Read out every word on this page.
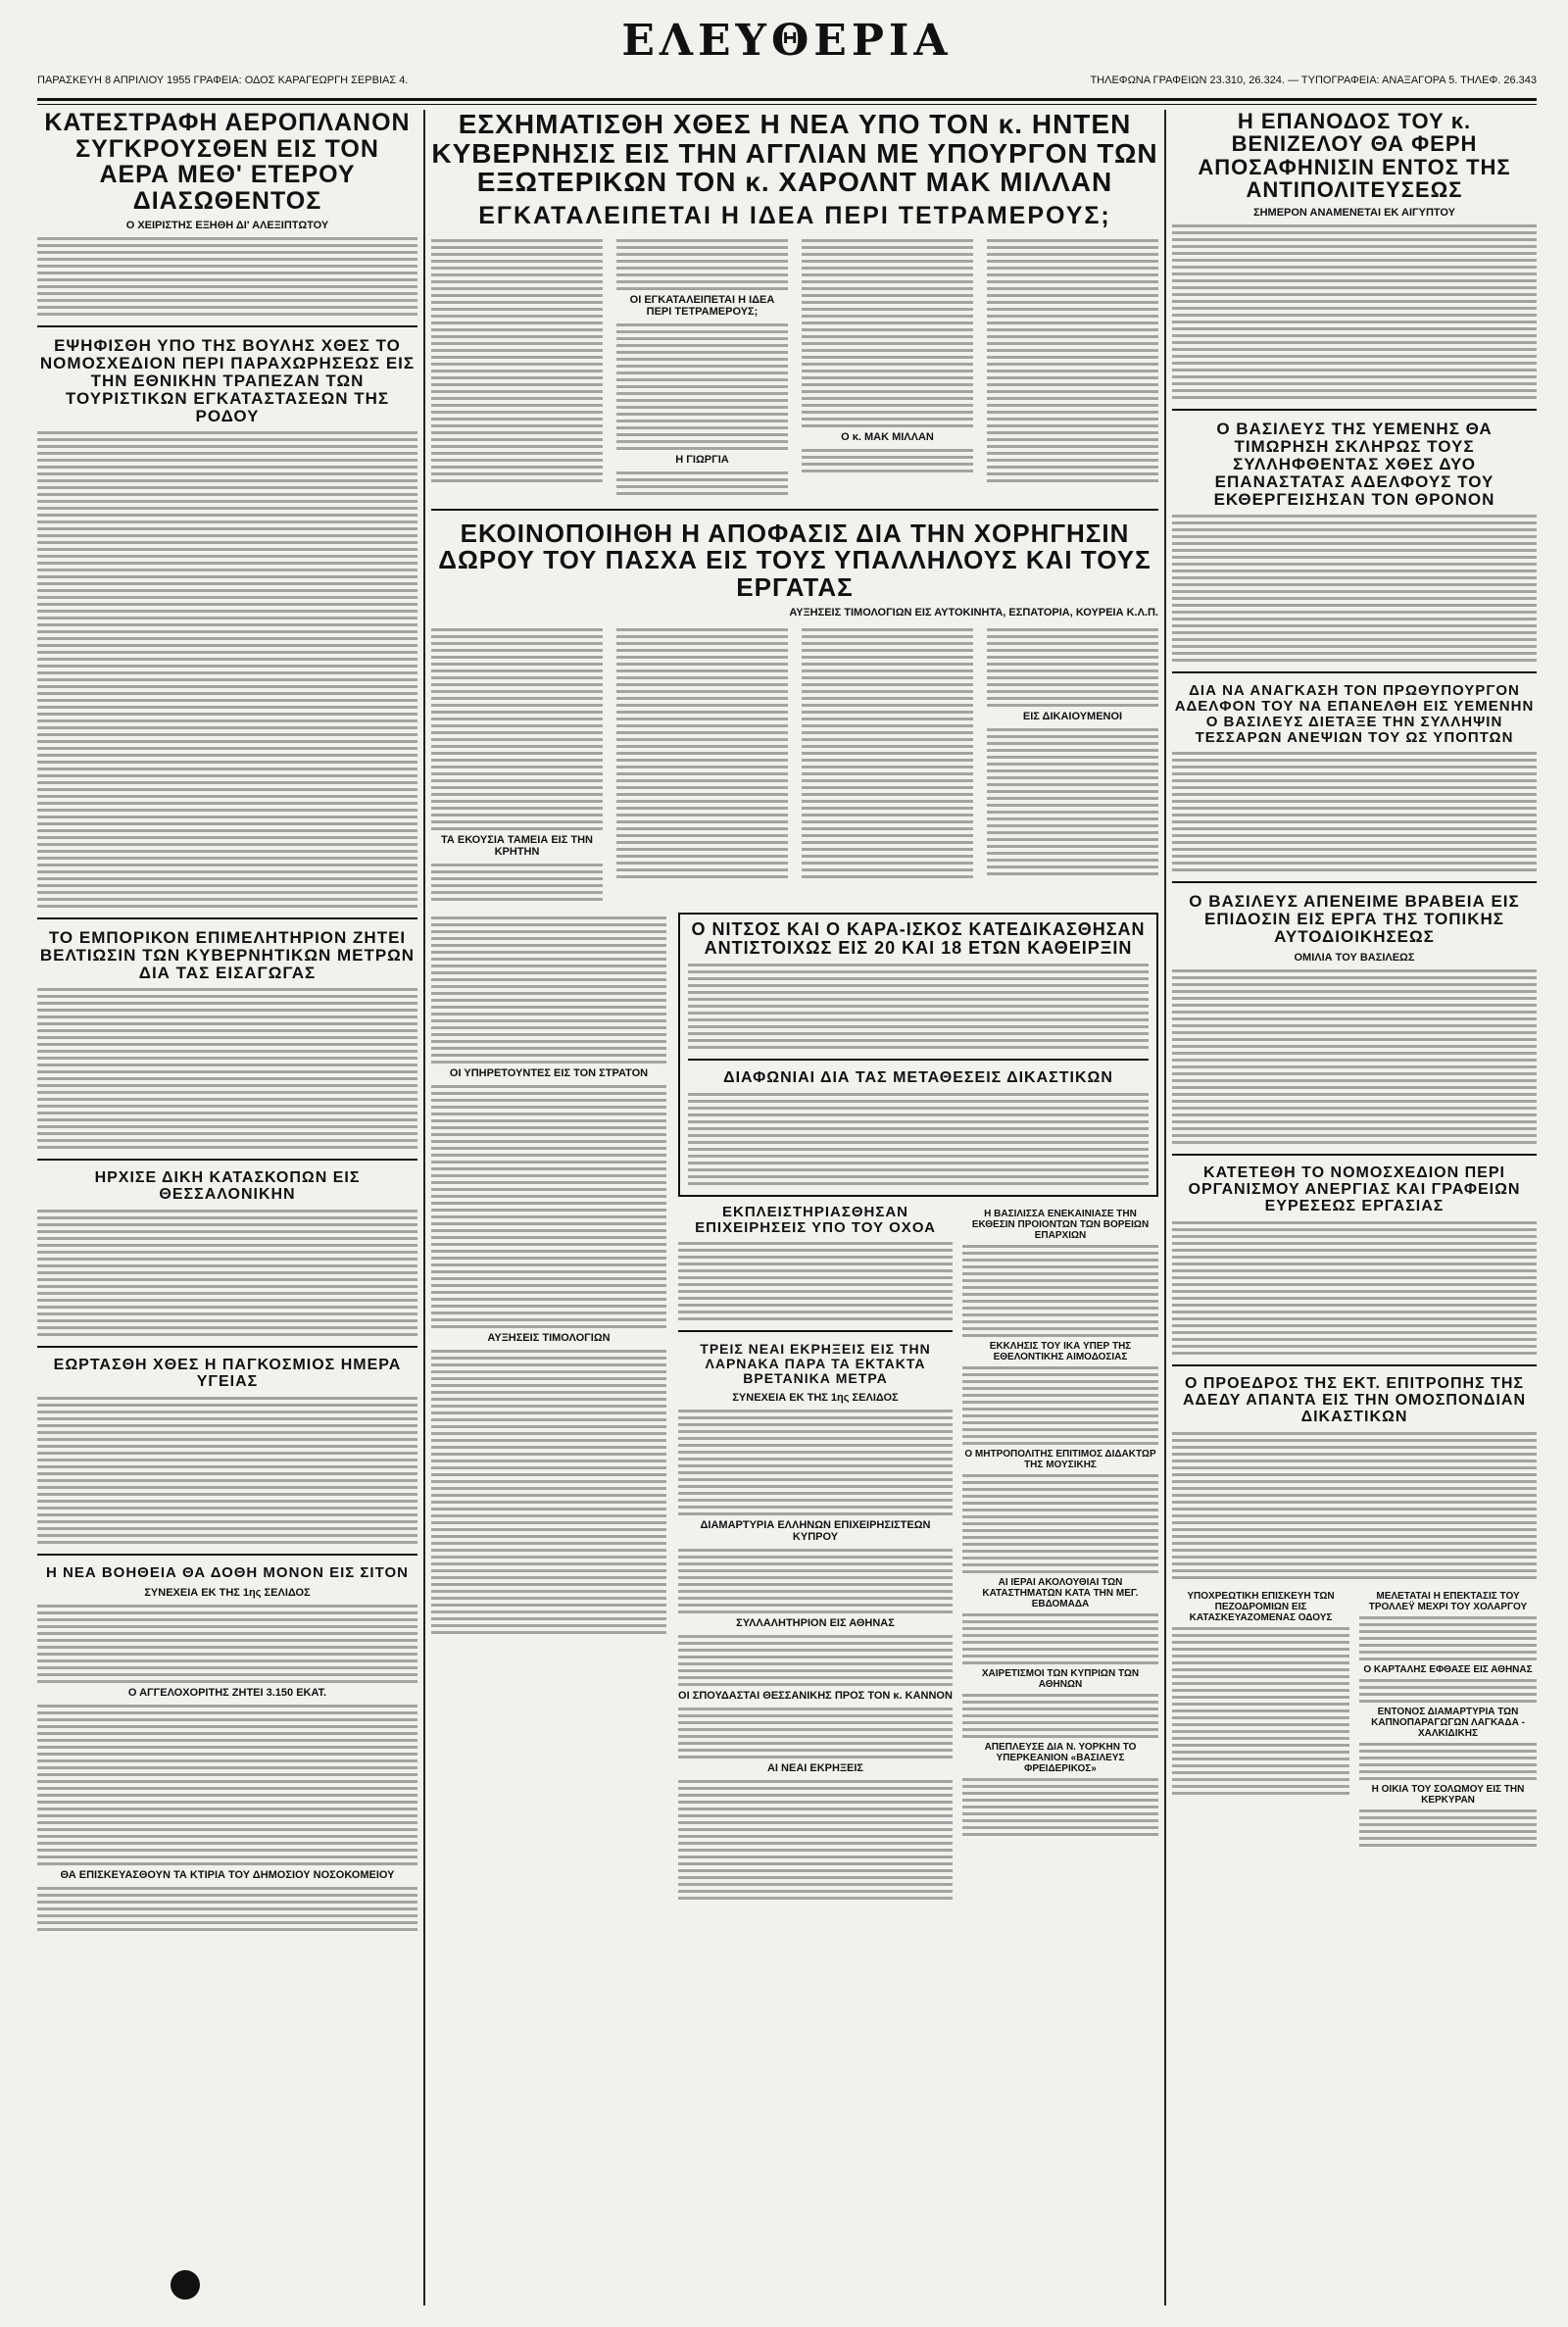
ΕΛΕΥΘΕΡΙΑ
ΠΑΡΑΣΚΕΥΗ 8 ΑΠΡΙΛΙΟΥ 1955 ΓΡΑΦΕΙΑ: ΟΔΟΣ ΚΑΡΑΓΕΩΡΓΗ ΣΕΡΒΙΑΣ 4.	ΤΗΛΕΦΩΝΑ ΓΡΑΦΕΙΩΝ 23.310, 26.324. — ΤΥΠΟΓΡΑΦΕΙΑ: ΑΝΑΞΑΓΟΡΑ 5. ΤΗΛΕΦ. 26.343
ΚΑΤΕΣΤΡΑΦΗ ΑΕΡΟΠΛΑΝΟΝ ΣΥΓΚΡΟΥΣΘΕΝ ΕΙΣ ΤΟΝ ΑΕΡΑ ΜΕΘ' ΕΤΕΡΟΥ ΔΙΑΣΩΘΕΝΤΟΣ
Ο ΧΕΙΡΙΣΤΗΣ ΕΞΗΘΗ ΔΙ' ΑΛΕΞΙΠΤΩΤΟΥ
ΕΨΗΦΙΣΘΗ ΥΠΟ ΤΗΣ ΒΟΥΛΗΣ ΧΘΕΣ ΤΟ ΝΟΜΟΣΧΕΔΙΟΝ ΠΕΡΙ ΠΑΡΑΧΩΡΗΣΕΩΣ ΕΙΣ ΤΗΝ ΕΘΝΙΚΗΝ ΤΡΑΠΕΖΑΝ ΤΩΝ ΤΟΥΡΙΣΤΙΚΩΝ ΕΓΚΑΤΑΣΤΑΣΕΩΝ ΤΗΣ ΡΟΔΟΥ
ΤΟ ΕΜΠΟΡΙΚΟΝ ΕΠΙΜΕΛΗΤΗΡΙΟΝ ΖΗΤΕΙ ΒΕΛΤΙΩΣΙΝ ΤΩΝ ΚΥΒΕΡΝΗΤΙΚΩΝ ΜΕΤΡΩΝ ΔΙΑ ΤΑΣ ΕΙΣΑΓΩΓΑΣ
ΗΡΧΙΣΕ ΔΙΚΗ ΚΑΤΑΣΚΟΠΩΝ ΕΙΣ ΘΕΣΣΑΛΟΝΙΚΗΝ
ΕΩΡΤΑΣΘΗ ΧΘΕΣ Η ΠΑΓΚΟΣΜΙΟΣ ΗΜΕΡΑ ΥΓΕΙΑΣ
Η ΝΕΑ ΒΟΗΘΕΙΑ ΘΑ ΔΟΘΗ ΜΟΝΟΝ ΕΙΣ ΣΙΤΟΝ
ΣΥΝΕΧΕΙΑ ΕΚ ΤΗΣ 1ης ΣΕΛΙΔΟΣ
Ο ΑΓΓΕΛΟΧΟΡΙΤΗΣ ΖΗΤΕΙ 3.150 ΕΚΑΤ.
ΘΑ ΕΠΙΣΚΕΥΑΣΘΟΥΝ ΤΑ ΚΤΙΡΙΑ ΤΟΥ ΔΗΜΟΣΙΟΥ ΝΟΣΟΚΟΜΕΙΟΥ
ΕΣΧΗΜΑΤΙΣΘΗ ΧΘΕΣ Η ΝΕΑ ΥΠΟ ΤΟΝ κ. ΗΝΤΕΝ ΚΥΒΕΡΝΗΣΙΣ ΕΙΣ ΤΗΝ ΑΓΓΛΙΑΝ ΜΕ ΥΠΟΥΡΓΟΝ ΤΩΝ ΕΞΩΤΕΡΙΚΩΝ ΤΟΝ κ. ΧΑΡΟΛΝΤ ΜΑΚ ΜΙΛΛΑΝ
ΕΓΚΑΤΑΛΕΙΠΕΤΑΙ Η ΙΔΕΑ ΠΕΡΙ ΤΕΤΡΑΜΕΡΟΥΣ;
ΟΙ ΕΓΚΑΤΑΛΕΙΠΕΤΑΙ Η ΙΔΕΑ ΠΕΡΙ ΤΕΤΡΑΜΕΡΟΥΣ;
Η ΓΙΩΡΓΙΑ
Ο κ. ΜΑΚ ΜΙΛΛΑΝ
ΕΚΟΙΝΟΠΟΙΗΘΗ Η ΑΠΟΦΑΣΙΣ ΔΙΑ ΤΗΝ ΧΟΡΗΓΗΣΙΝ ΔΩΡΟΥ ΤΟΥ ΠΑΣΧΑ ΕΙΣ ΤΟΥΣ ΥΠΑΛΛΗΛΟΥΣ ΚΑΙ ΤΟΥΣ ΕΡΓΑΤΑΣ
ΑΥΞΗΣΕΙΣ ΤΙΜΟΛΟΓΙΩΝ ΕΙΣ ΑΥΤΟΚΙΝΗΤΑ, ΕΣΠΑΤΟΡΙΑ, ΚΟΥΡΕΙΑ Κ.Λ.Π.
ΤΑ ΕΚΟΥΣΙΑ ΤΑΜΕΙΑ ΕΙΣ ΤΗΝ ΚΡΗΤΗΝ
ΕΙΣ ΔΙΚΑΙΟΥΜΕΝΟΙ
ΟΙ ΥΠΗΡΕΤΟΥΝΤΕΣ ΕΙΣ ΤΟΝ ΣΤΡΑΤΟΝ
ΑΥΞΗΣΕΙΣ ΤΙΜΟΛΟΓΙΩΝ
Ο ΝΙΤΣΟΣ ΚΑΙ Ο ΚΑΡΑ-ΙΣΚΟΣ ΚΑΤΕΔΙΚΑΣΘΗΣΑΝ ΑΝΤΙΣΤΟΙΧΩΣ ΕΙΣ 20 ΚΑΙ 18 ΕΤΩΝ ΚΑΘΕΙΡΞΙΝ
ΔΙΑΦΩΝΙΑΙ ΔΙΑ ΤΑΣ ΜΕΤΑΘΕΣΕΙΣ ΔΙΚΑΣΤΙΚΩΝ
ΕΚΠΛΕΙΣΤΗΡΙΑΣΘΗΣΑΝ ΕΠΙΧΕΙΡΗΣΕΙΣ ΥΠΟ ΤΟΥ ΟΧΟΑ
ΤΡΕΙΣ ΝΕΑΙ ΕΚΡΗΞΕΙΣ ΕΙΣ ΤΗΝ ΛΑΡΝΑΚΑ ΠΑΡΑ ΤΑ ΕΚΤΑΚΤΑ ΒΡΕΤΑΝΙΚΑ ΜΕΤΡΑ
ΣΥΝΕΧΕΙΑ ΕΚ ΤΗΣ 1ης ΣΕΛΙΔΟΣ
ΔΙΑΜΑΡΤΥΡΙΑ ΕΛΛΗΝΩΝ ΕΠΙΧΕΙΡΗΣΙΣΤΕΩΝ ΚΥΠΡΟΥ
ΣΥΛΛΑΛΗΤΗΡΙΟΝ ΕΙΣ ΑΘΗΝΑΣ
ΟΙ ΣΠΟΥΔΑΣΤΑΙ ΘΕΣΣΑΝΙΚΗΣ ΠΡΟΣ ΤΟΝ κ. ΚΑΝΝΟΝ
ΑΙ ΝΕΑΙ ΕΚΡΗΞΕΙΣ
Η ΒΑΣΙΛΙΣΣΑ ΕΝΕΚΑΙΝΙΑΣΕ ΤΗΝ ΕΚΘΕΣΙΝ ΠΡΟΙΟΝΤΩΝ ΤΩΝ ΒΟΡΕΙΩΝ ΕΠΑΡΧΙΩΝ
ΕΚΚΛΗΣΙΣ ΤΟΥ ΙΚΑ ΥΠΕΡ ΤΗΣ ΕΘΕΛΟΝΤΙΚΗΣ ΑΙΜΟΔΟΣΙΑΣ
Ο ΜΗΤΡΟΠΟΛΙΤΗΣ ΕΠΙΤΙΜΟΣ ΔΙΔΑΚΤΩΡ ΤΗΣ ΜΟΥΣΙΚΗΣ
ΑΙ ΙΕΡΑΙ ΑΚΟΛΟΥΘΙΑΙ ΤΩΝ ΚΑΤΑΣΤΗΜΑΤΩΝ ΚΑΤΑ ΤΗΝ ΜΕΓ. ΕΒΔΟΜΑΔΑ
ΧΑΙΡΕΤΙΣΜΟΙ ΤΩΝ ΚΥΠΡΙΩΝ ΤΩΝ ΑΘΗΝΩΝ
ΑΠΕΠΛΕΥΣΕ ΔΙΑ Ν. ΥΟΡΚΗΝ ΤΟ ΥΠΕΡΚΕΑΝΙΟΝ «ΒΑΣΙΛΕΥΣ ΦΡΕΙΔΕΡΙΚΟΣ»
Η ΕΠΑΝΟΔΟΣ ΤΟΥ κ. ΒΕΝΙΖΕΛΟΥ ΘΑ ΦΕΡΗ ΑΠΟΣΑΦΗΝΙΣΙΝ ΕΝΤΟΣ ΤΗΣ ΑΝΤΙΠΟΛΙΤΕΥΣΕΩΣ
ΣΗΜΕΡΟΝ ΑΝΑΜΕΝΕΤΑΙ ΕΚ ΑΙΓΥΠΤΟΥ
Ο ΒΑΣΙΛΕΥΣ ΤΗΣ ΥΕΜΕΝΗΣ ΘΑ ΤΙΜΩΡΗΣΗ ΣΚΛΗΡΩΣ ΤΟΥΣ ΣΥΛΛΗΦΘΕΝΤΑΣ ΧΘΕΣ ΔΥΟ ΕΠΑΝΑΣΤΑΤΑΣ ΑΔΕΛΦΟΥΣ ΤΟΥ ΕΚΘΕΡΓΕΙΣΗΣΑΝ ΤΟΝ ΘΡΟΝΟΝ
ΔΙΑ ΝΑ ΑΝΑΓΚΑΣΗ ΤΟΝ ΠΡΩΘΥΠΟΥΡΓΟΝ ΑΔΕΛΦΟΝ ΤΟΥ ΝΑ ΕΠΑΝΕΛΘΗ ΕΙΣ ΥΕΜΕΝΗΝ Ο ΒΑΣΙΛΕΥΣ ΔΙΕΤΑΞΕ ΤΗΝ ΣΥΛΛΗΨΙΝ ΤΕΣΣΑΡΩΝ ΑΝΕΨΙΩΝ ΤΟΥ ΩΣ ΥΠΟΠΤΩΝ
Ο ΒΑΣΙΛΕΥΣ ΑΠΕΝΕΙΜΕ ΒΡΑΒΕΙΑ ΕΙΣ ΕΠΙΔΟΣΙΝ ΕΙΣ ΕΡΓΑ ΤΗΣ ΤΟΠΙΚΗΣ ΑΥΤΟΔΙΟΙΚΗΣΕΩΣ
ΟΜΙΛΙΑ ΤΟΥ ΒΑΣΙΛΕΩΣ
ΚΑΤΕΤΕΘΗ ΤΟ ΝΟΜΟΣΧΕΔΙΟΝ ΠΕΡΙ ΟΡΓΑΝΙΣΜΟΥ ΑΝΕΡΓΙΑΣ ΚΑΙ ΓΡΑΦΕΙΩΝ ΕΥΡΕΣΕΩΣ ΕΡΓΑΣΙΑΣ
Ο ΠΡΟΕΔΡΟΣ ΤΗΣ ΕΚΤ. ΕΠΙΤΡΟΠΗΣ ΤΗΣ ΑΔΕΔΥ ΑΠΑΝΤΑ ΕΙΣ ΤΗΝ ΟΜΟΣΠΟΝΔΙΑΝ ΔΙΚΑΣΤΙΚΩΝ
ΥΠΟΧΡΕΩΤΙΚΗ ΕΠΙΣΚΕΥΗ ΤΩΝ ΠΕΖΟΔΡΟΜΙΩΝ ΕΙΣ ΚΑΤΑΣΚΕΥΑΖΟΜΕΝΑΣ ΟΔΟΥΣ
ΜΕΛΕΤΑΤΑΙ Η ΕΠΕΚΤΑΣΙΣ ΤΟΥ ΤΡΟΛΛΕΫ ΜΕΧΡΙ ΤΟΥ ΧΟΛΑΡΓΟΥ
Ο ΚΑΡΤΑΛΗΣ ΕΦΘΑΣΕ ΕΙΣ ΑΘΗΝΑΣ
ΕΝΤΟΝΟΣ ΔΙΑΜΑΡΤΥΡΙΑ ΤΩΝ ΚΑΠΝΟΠΑΡΑΓΩΓΩΝ ΛΑΓΚΑΔΑ - ΧΑΛΚΙΔΙΚΗΣ
Η ΟΙΚΙΑ ΤΟΥ ΣΟΛΩΜΟΥ ΕΙΣ ΤΗΝ ΚΕΡΚΥΡΑΝ
